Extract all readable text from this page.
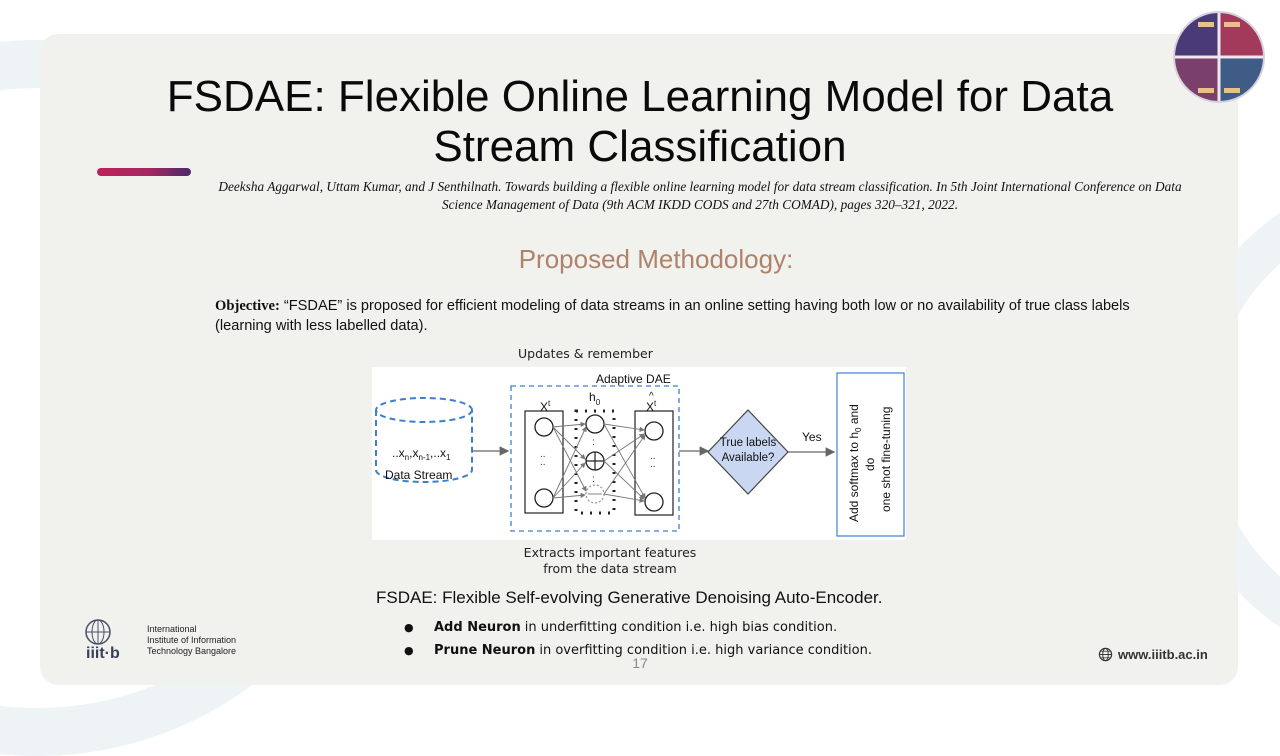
FSDAE: Flexible Online Learning Model for Data Stream Classification
Deeksha Aggarwal, Uttam Kumar, and J Senthilnath. Towards building a flexible online learning model for data stream classification. In 5th Joint International Conference on Data Science Management of Data (9th ACM IKDD CODS and 27th COMAD), pages 320–321, 2022.
Proposed Methodology:
Objective: “FSDAE” is proposed for efficient modeling of data streams in an online setting having both low or no availability of true class labels (learning with less labelled data).
Updates & remember
$..x_n,x_{n-1},..x_1$
Data Stream
Adaptive DAE
$X^t$
..
..
$h_0$
:
:
$X^t$
^
..
..
True labels
Available?
Yes Add softmax to $h_0$ and
do one shot fine-tuning
Extracts important features
from the data stream
FSDAE: Flexible Self-evolving Generative Denoising Auto-Encoder.
●	Add Neuron in underfitting condition i.e. high bias condition.
●	Prune Neuron in overfitting condition i.e. high variance condition.
17
iiit·b
International
Institute of Information
Technology Bangalore	www.iiitb.ac.in
